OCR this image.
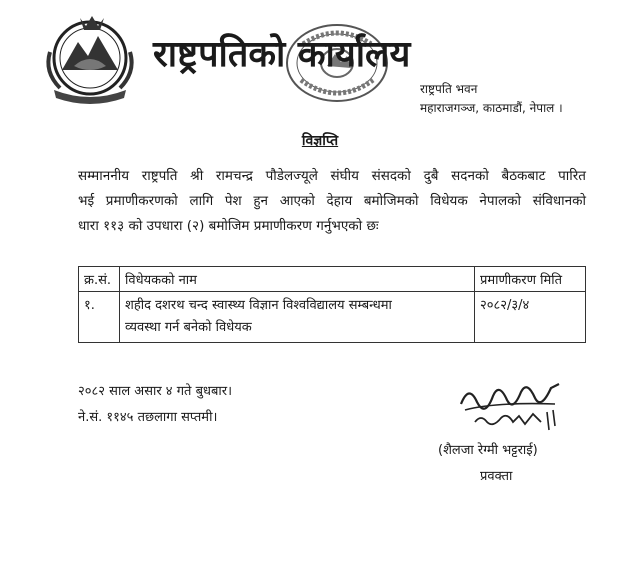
राष्ट्रपतिको कार्यालय
राष्ट्रपति भवन
महाराजगञ्ज, काठमाडौं, नेपाल ।
विज्ञप्ति
सम्माननीय राष्ट्रपति श्री रामचन्द्र पौडेलज्यूले संघीय संसदको दुबै सदनको बैठकबाट पारित
भई प्रमाणीकरणको लागि पेश हुन आएको देहाय बमोजिमको विधेयक नेपालको संविधानको
धारा ११३ को उपधारा (२) बमोजिम प्रमाणीकरण गर्नुभएको छः
क्र.सं.	विधेयकको नाम	प्रमाणीकरण मिति
१.	शहीद दशरथ चन्द स्वास्थ्य विज्ञान विश्वविद्यालय सम्बन्धमा
व्यवस्था गर्न बनेको विधेयक	२०८२/३/४
२०८२ साल असार ४ गते बुधबार।
ने.सं. ११४५ तछलागा सप्तमी।
(शैलजा रेग्मी भट्टराई)
प्रवक्ता
